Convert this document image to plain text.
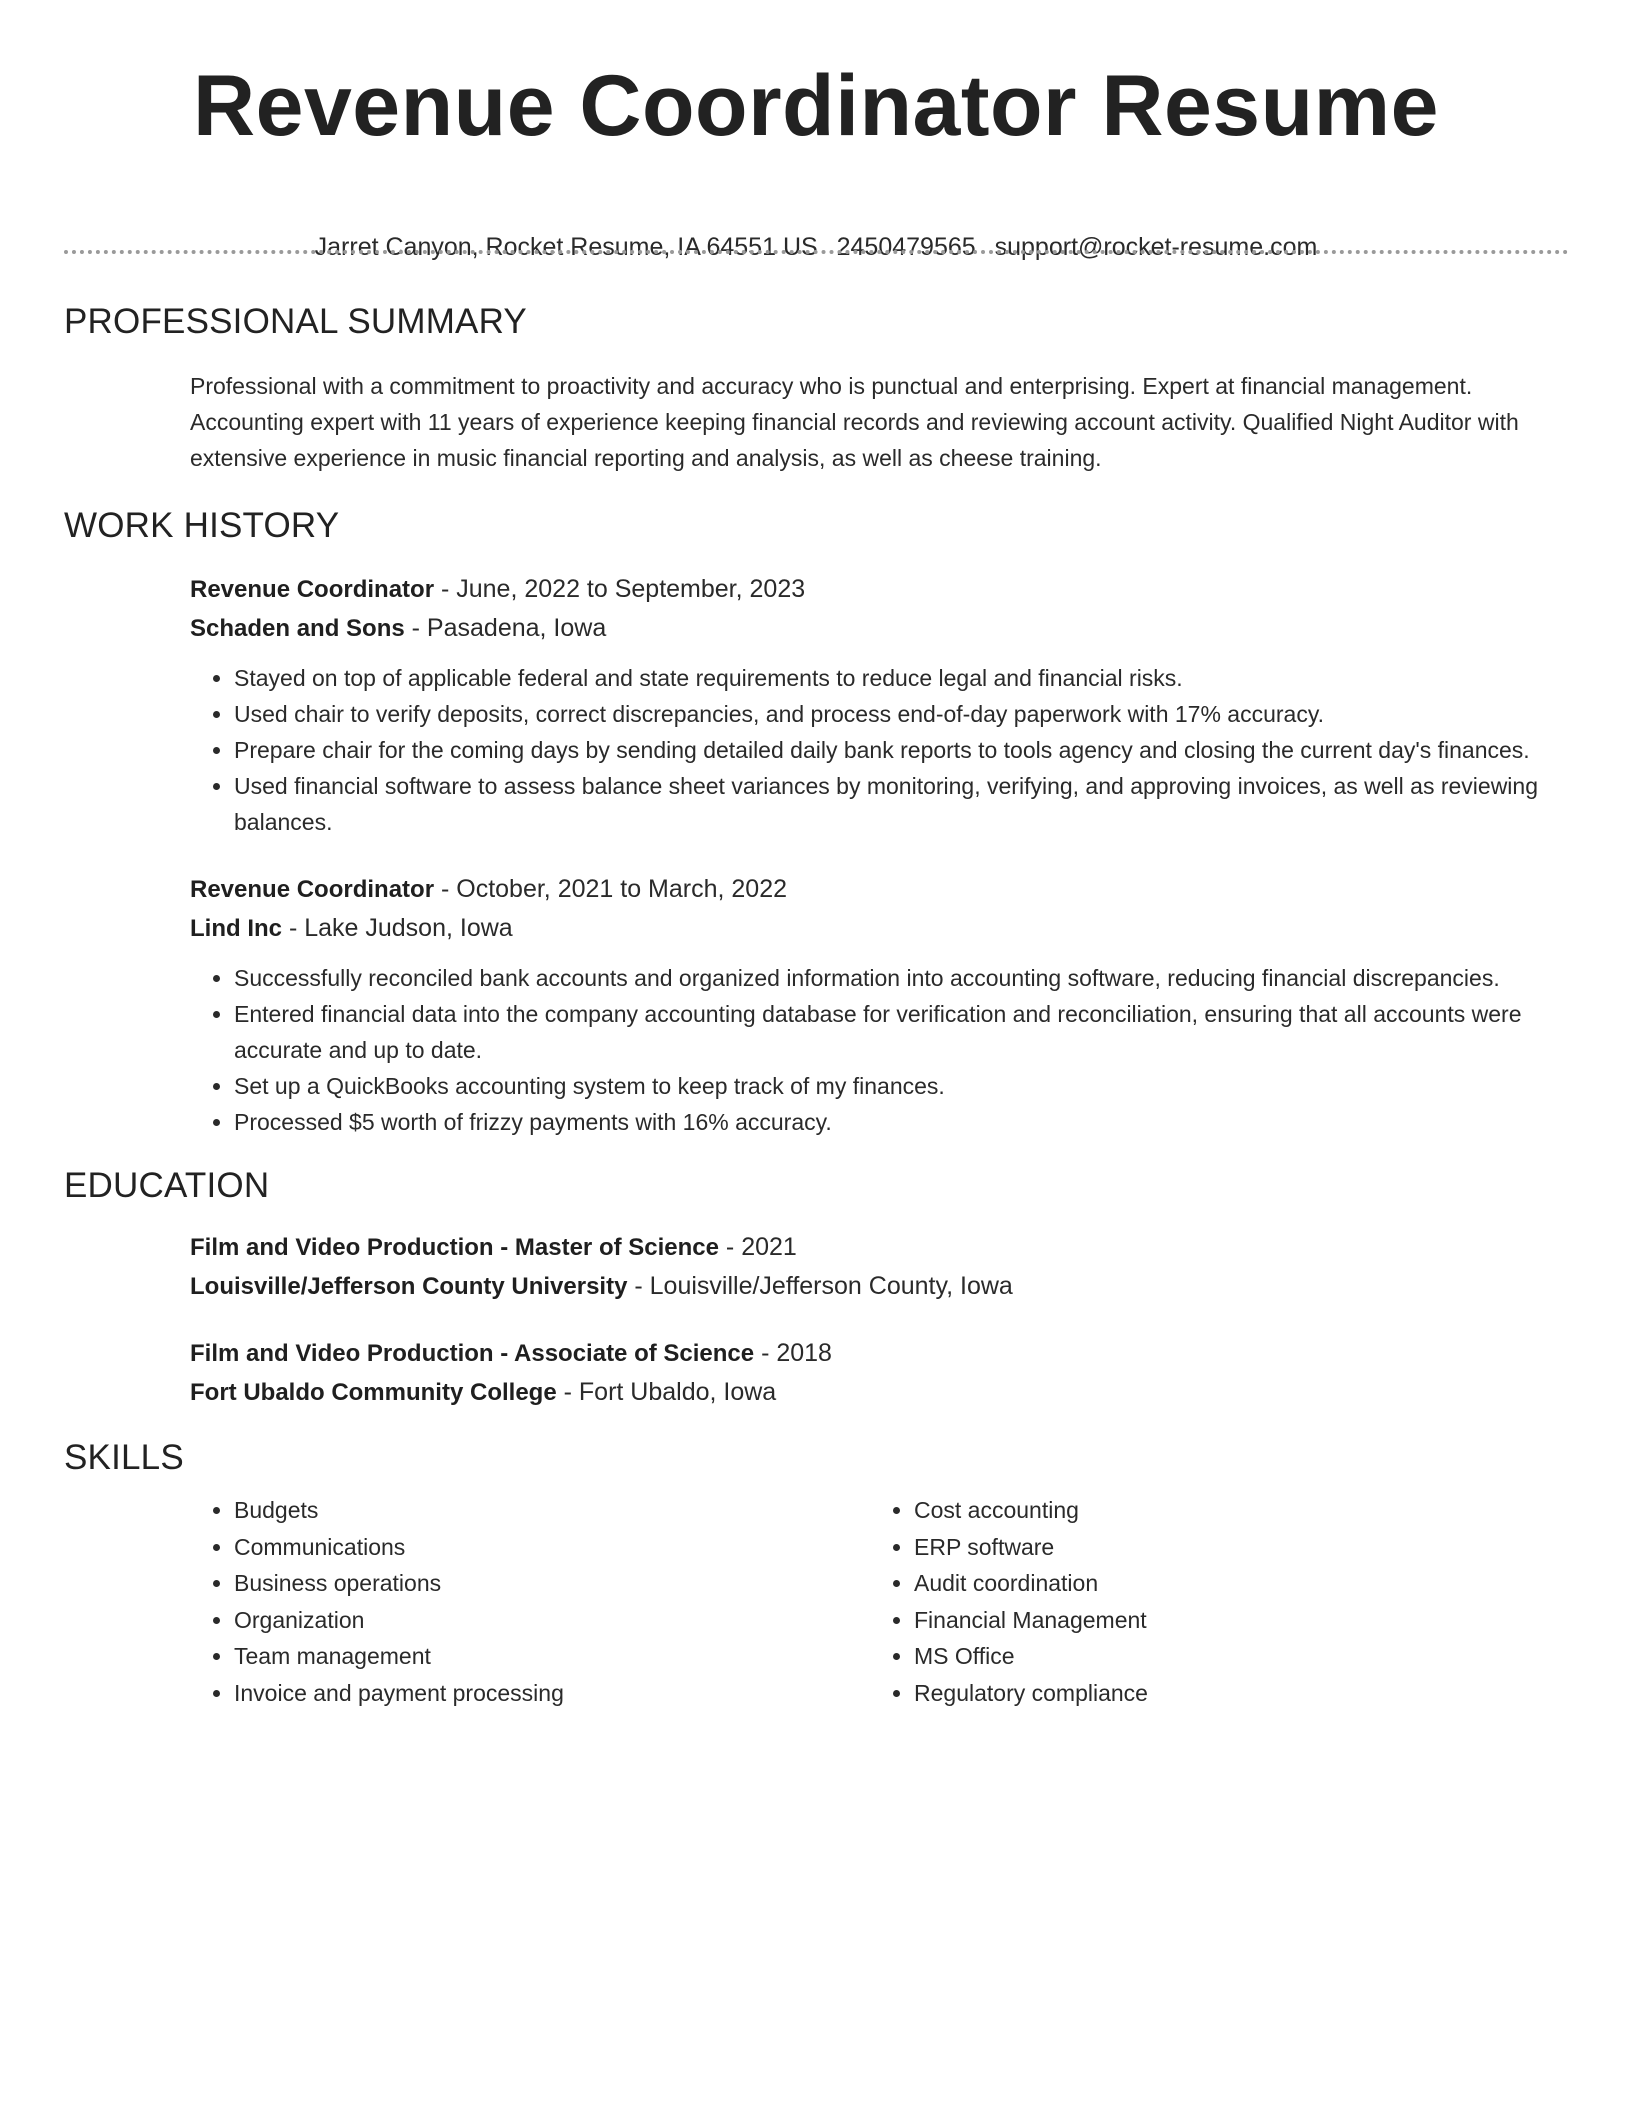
Revenue Coordinator Resume
Jarret Canyon, Rocket Resume, IA 64551 US 2450479565 support@rocket-resume.com
PROFESSIONAL SUMMARY
Professional with a commitment to proactivity and accuracy who is punctual and enterprising. Expert at financial management. Accounting expert with 11 years of experience keeping financial records and reviewing account activity. Qualified Night Auditor with extensive experience in music financial reporting and analysis, as well as cheese training.
WORK HISTORY
Revenue Coordinator - June, 2022 to September, 2023
Schaden and Sons - Pasadena, Iowa
• Stayed on top of applicable federal and state requirements to reduce legal and financial risks.
• Used chair to verify deposits, correct discrepancies, and process end-of-day paperwork with 17% accuracy.
• Prepare chair for the coming days by sending detailed daily bank reports to tools agency and closing the current day's finances.
• Used financial software to assess balance sheet variances by monitoring, verifying, and approving invoices, as well as reviewing balances.
Revenue Coordinator - October, 2021 to March, 2022
Lind Inc - Lake Judson, Iowa
• Successfully reconciled bank accounts and organized information into accounting software, reducing financial discrepancies.
• Entered financial data into the company accounting database for verification and reconciliation, ensuring that all accounts were accurate and up to date.
• Set up a QuickBooks accounting system to keep track of my finances.
• Processed $5 worth of frizzy payments with 16% accuracy.
EDUCATION
Film and Video Production - Master of Science - 2021
Louisville/Jefferson County University - Louisville/Jefferson County, Iowa
Film and Video Production - Associate of Science - 2018
Fort Ubaldo Community College - Fort Ubaldo, Iowa
SKILLS
• Budgets
• Communications
• Business operations
• Organization
• Team management
• Invoice and payment processing
• Cost accounting
• ERP software
• Audit coordination
• Financial Management
• MS Office
• Regulatory compliance
